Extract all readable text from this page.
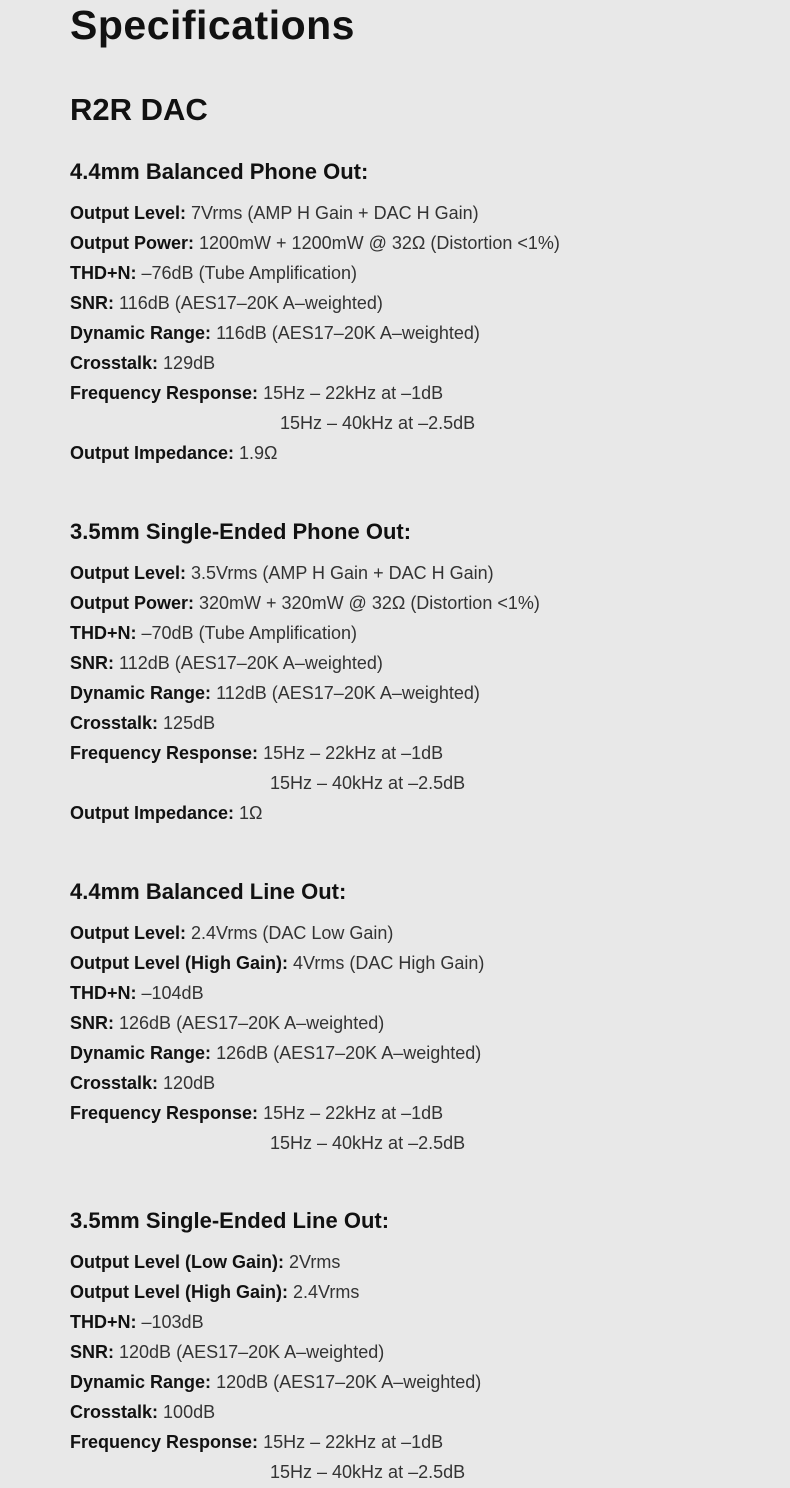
Specifications
R2R DAC
4.4mm Balanced Phone Out:
Output Level: 7Vrms (AMP H Gain + DAC H Gain)
Output Power: 1200mW + 1200mW @ 32Ω (Distortion <1%)
THD+N: –76dB (Tube Amplification)
SNR: 116dB (AES17–20K A–weighted)
Dynamic Range: 116dB (AES17–20K A–weighted)
Crosstalk: 129dB
Frequency Response: 15Hz – 22kHz at –1dB
15Hz – 40kHz at –2.5dB
Output Impedance: 1.9Ω
3.5mm Single-Ended Phone Out:
Output Level: 3.5Vrms (AMP H Gain + DAC H Gain)
Output Power: 320mW + 320mW @ 32Ω (Distortion <1%)
THD+N: –70dB (Tube Amplification)
SNR: 112dB (AES17–20K A–weighted)
Dynamic Range: 112dB (AES17–20K A–weighted)
Crosstalk: 125dB
Frequency Response: 15Hz – 22kHz at –1dB
15Hz – 40kHz at –2.5dB
Output Impedance: 1Ω
4.4mm Balanced Line Out:
Output Level: 2.4Vrms (DAC Low Gain)
Output Level (High Gain): 4Vrms (DAC High Gain)
THD+N: –104dB
SNR: 126dB (AES17–20K A–weighted)
Dynamic Range: 126dB (AES17–20K A–weighted)
Crosstalk: 120dB
Frequency Response: 15Hz – 22kHz at –1dB
15Hz – 40kHz at –2.5dB
3.5mm Single-Ended Line Out:
Output Level (Low Gain): 2Vrms
Output Level (High Gain): 2.4Vrms
THD+N: –103dB
SNR: 120dB (AES17–20K A–weighted)
Dynamic Range: 120dB (AES17–20K A–weighted)
Crosstalk: 100dB
Frequency Response: 15Hz – 22kHz at –1dB
15Hz – 40kHz at –2.5dB
